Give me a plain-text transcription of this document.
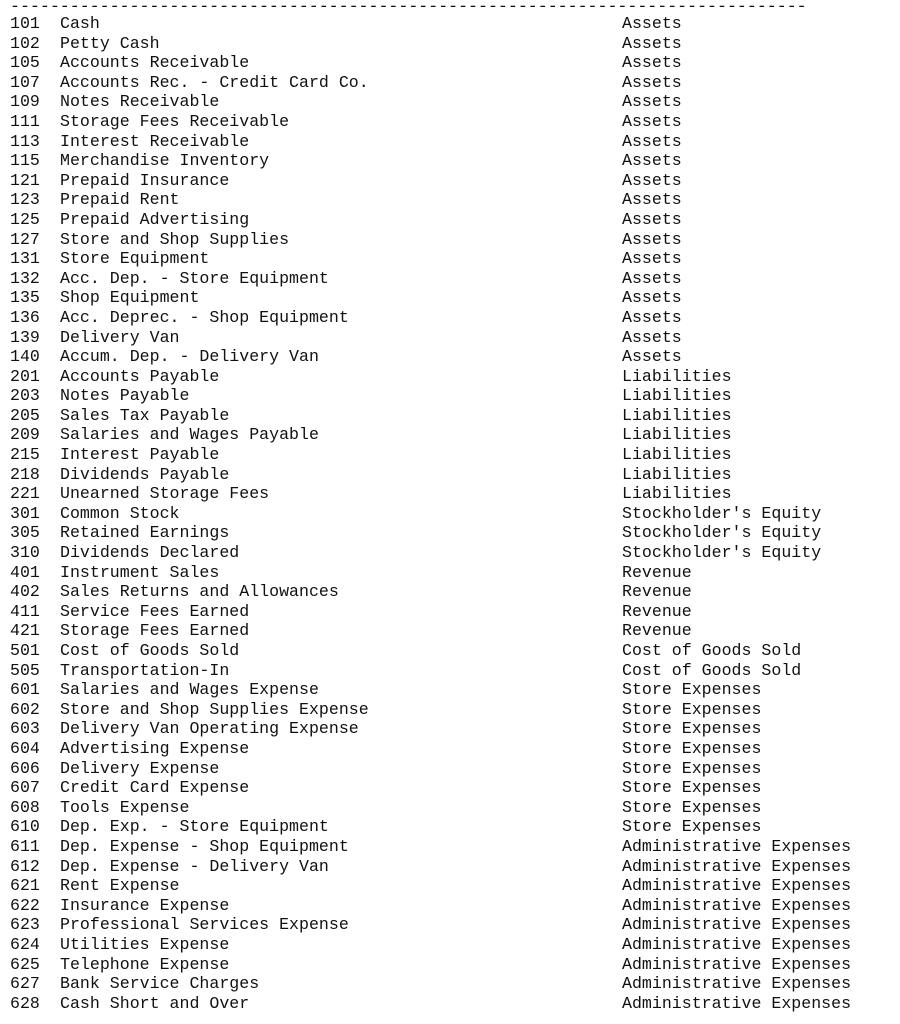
--------------------------------------------------------------------------------
101 Cash	Assets
102 Petty Cash	Assets
105 Accounts Receivable	Assets
107 Accounts Rec. - Credit Card Co.	Assets
109 Notes Receivable	Assets
111 Storage Fees Receivable	Assets
113 Interest Receivable	Assets
115 Merchandise Inventory	Assets
121 Prepaid Insurance	Assets
123 Prepaid Rent	Assets
125 Prepaid Advertising	Assets
127 Store and Shop Supplies	Assets
131 Store Equipment	Assets
132 Acc. Dep. - Store Equipment	Assets
135 Shop Equipment	Assets
136 Acc. Deprec. - Shop Equipment	Assets
139 Delivery Van	Assets
140 Accum. Dep. - Delivery Van	Assets
201 Accounts Payable	Liabilities
203 Notes Payable	Liabilities
205 Sales Tax Payable	Liabilities
209 Salaries and Wages Payable	Liabilities
215 Interest Payable	Liabilities
218 Dividends Payable	Liabilities
221 Unearned Storage Fees	Liabilities
301 Common Stock	Stockholder's Equity
305 Retained Earnings	Stockholder's Equity
310 Dividends Declared	Stockholder's Equity
401 Instrument Sales	Revenue
402 Sales Returns and Allowances	Revenue
411 Service Fees Earned	Revenue
421 Storage Fees Earned	Revenue
501 Cost of Goods Sold	Cost of Goods Sold
505 Transportation-In	Cost of Goods Sold
601 Salaries and Wages Expense	Store Expenses
602 Store and Shop Supplies Expense	Store Expenses
603 Delivery Van Operating Expense	Store Expenses
604 Advertising Expense	Store Expenses
606 Delivery Expense	Store Expenses
607 Credit Card Expense	Store Expenses
608 Tools Expense	Store Expenses
610 Dep. Exp. - Store Equipment	Store Expenses
611 Dep. Expense - Shop Equipment	Administrative Expenses
612 Dep. Expense - Delivery Van	Administrative Expenses
621 Rent Expense	Administrative Expenses
622 Insurance Expense	Administrative Expenses
623 Professional Services Expense	Administrative Expenses
624 Utilities Expense	Administrative Expenses
625 Telephone Expense	Administrative Expenses
627 Bank Service Charges	Administrative Expenses
628 Cash Short and Over	Administrative Expenses
